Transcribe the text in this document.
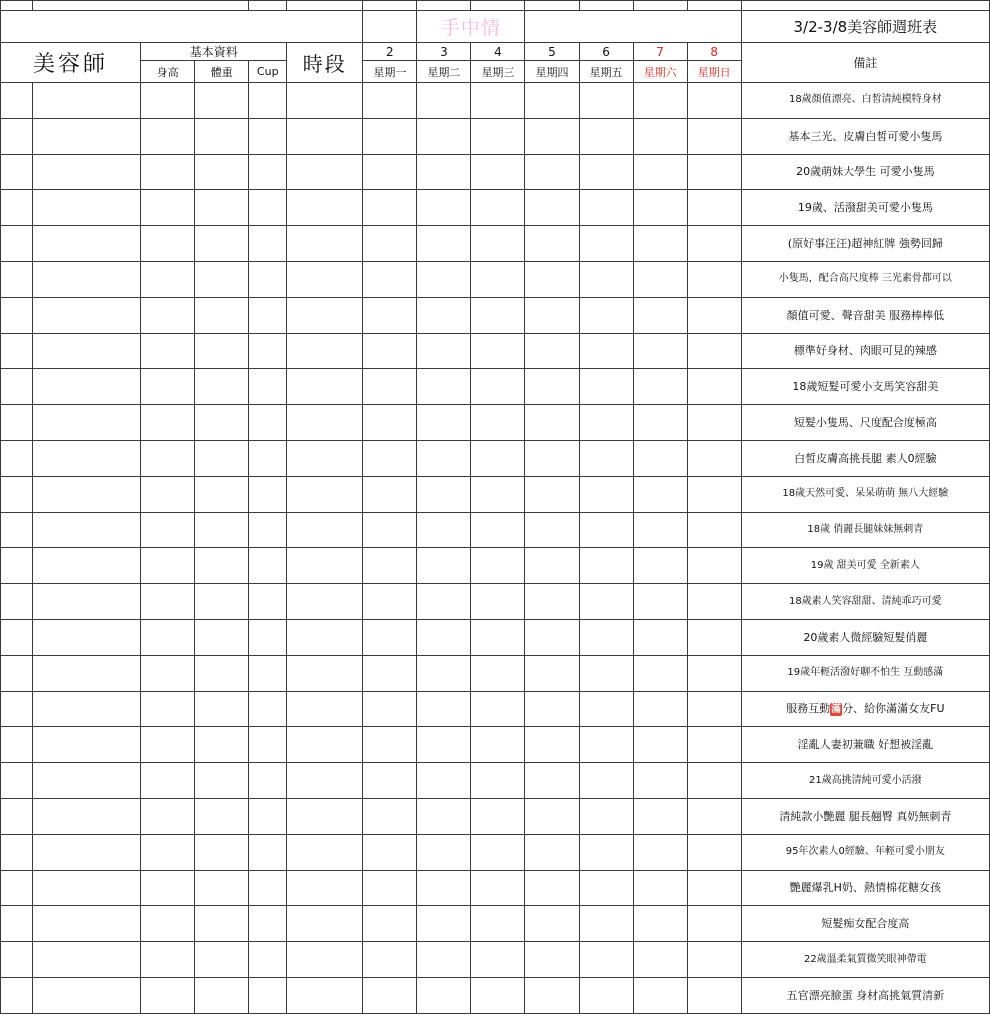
							手中情						3/2-3/8美容師週班表
美容師		基本資料			時段	2	3	4	5	6	7	8	備註
		身高	體重	Cup		星期一	星期二	星期三	星期四	星期五	星期六	星期日	
													18歲顏值漂亮、白皙清純模特身材
													基本三光、皮膚白皙可愛小隻馬
													20歲萌妹大學生 可愛小隻馬
													19歲、活潑甜美可愛小隻馬
													(原好事汪汪)超神紅牌 強勢回歸
													小隻馬，配合高尺度棒 三光素骨都可以
													顏值可愛、聲音甜美 服務棒棒低
													標準好身材、肉眼可見的辣感
													18歲短髮可愛小支馬笑容甜美
													短髮小隻馬、尺度配合度極高
													白皙皮膚高挑長腿 素人0經驗
													18歲天然可愛、呆呆萌萌 無八大經驗
													18歲 俏麗長腿妹妹無刺青
													19歲 甜美可愛 全新素人
													18歲素人笑容甜甜、清純乖巧可愛
													20歲素人微經驗短髮俏麗
													19歲年輕活潑好聊不怕生 互動感滿
													服務互動滿分、給你滿滿女友FU
													淫亂人妻初兼職 好想被淫亂
													21歲高挑清純可愛小活潑
													清純款小艷麗 腿長翹臀 真奶無刺青
													95年次素人0經驗、年輕可愛小朋友
													艷麗爆乳H奶、熱情棉花糖女孩
													短髮痴女配合度高
													22歲溫柔氣質微笑眼神帶電
													五官漂亮臉蛋 身材高挑氣質清新
